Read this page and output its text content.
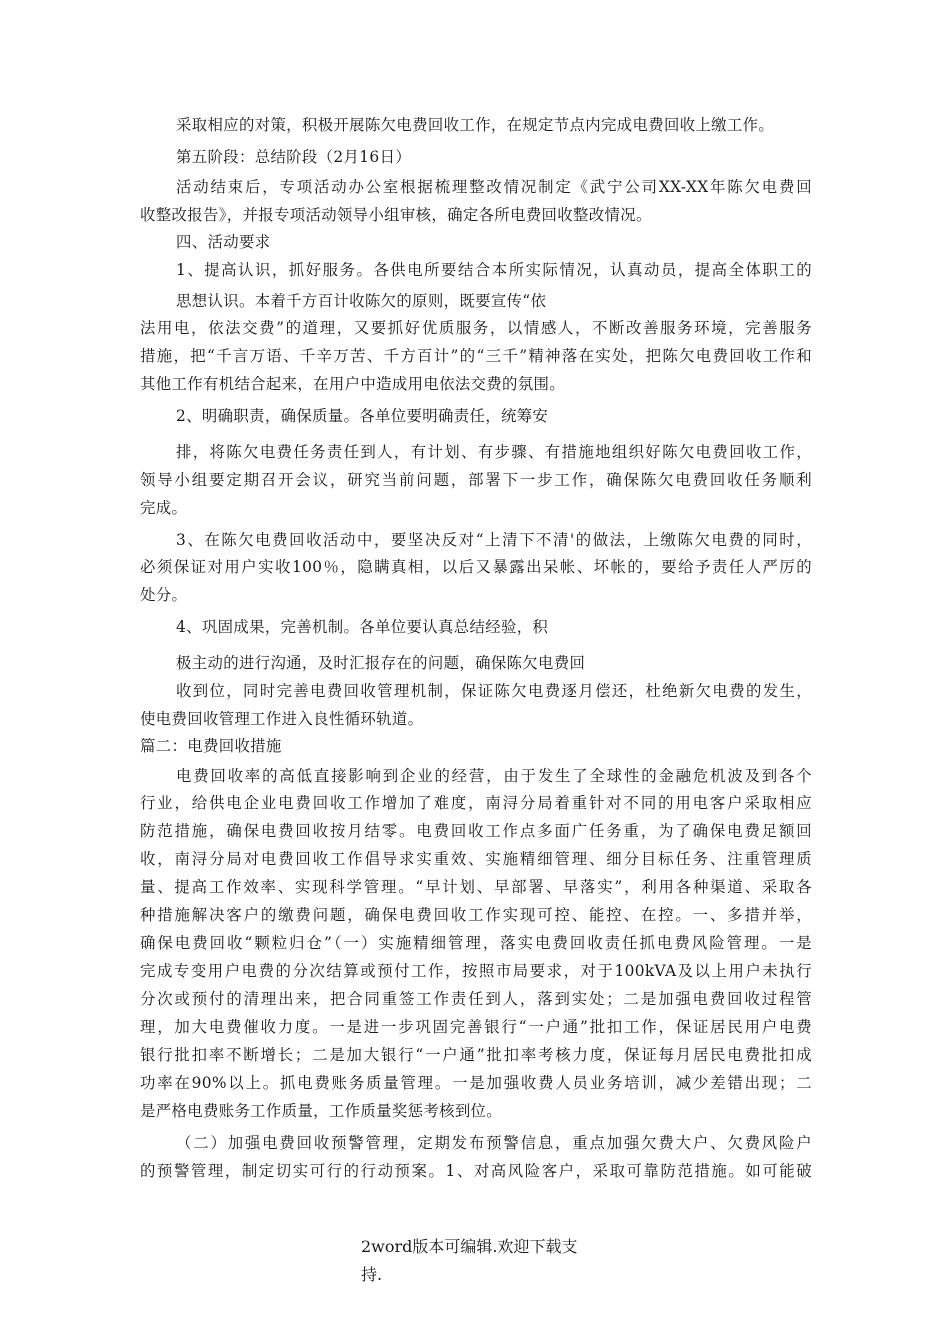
采取相应的对策，积极开展陈欠电费回收工作，在规定节点内完成电费回收上缴工作。
第五阶段：总结阶段（2月16日）
活动结束后，专项活动办公室根据梳理整改情况制定《武宁公司XX-XX年陈欠电费回
收整改报告》，并报专项活动领导小组审核，确定各所电费回收整改情况。
四、活动要求
1、提高认识，抓好服务。各供电所要结合本所实际情况，认真动员，提高全体职工的
思想认识。本着千方百计收陈欠的原则，既要宣传“依
法用电，依法交费”的道理，又要抓好优质服务，以情感人，不断改善服务环境，完善服务
措施，把“千言万语、千辛万苦、千方百计”的“三千”精神落在实处，把陈欠电费回收工作和
其他工作有机结合起来，在用户中造成用电依法交费的氛围。
2、明确职责，确保质量。各单位要明确责任，统筹安
排，将陈欠电费任务责任到人，有计划、有步骤、有措施地组织好陈欠电费回收工作，
领导小组要定期召开会议，研究当前问题，部署下一步工作，确保陈欠电费回收任务顺利
完成。
3、在陈欠电费回收活动中，要坚决反对“上清下不清'的做法，上缴陈欠电费的同时，
必须保证对用户实收100％，隐瞒真相，以后又暴露出呆帐、坏帐的，要给予责任人严厉的
处分。
4、巩固成果，完善机制。各单位要认真总结经验，积
极主动的进行沟通，及时汇报存在的问题，确保陈欠电费回
收到位，同时完善电费回收管理机制，保证陈欠电费逐月偿还，杜绝新欠电费的发生，
使电费回收管理工作进入良性循环轨道。
篇二：电费回收措施
电费回收率的高低直接影响到企业的经营，由于发生了全球性的金融危机波及到各个
行业，给供电企业电费回收工作增加了难度，南浔分局着重针对不同的用电客户采取相应
防范措施，确保电费回收按月结零。电费回收工作点多面广任务重，为了确保电费足额回
收，南浔分局对电费回收工作倡导求实重效、实施精细管理、细分目标任务、注重管理质
量、提高工作效率、实现科学管理。“早计划、早部署、早落实”，利用各种渠道、采取各
种措施解决客户的缴费问题，确保电费回收工作实现可控、能控、在控。一、多措并举，
确保电费回收“颗粒归仓”（一）实施精细管理，落实电费回收责任抓电费风险管理。一是
完成专变用户电费的分次结算或预付工作，按照市局要求，对于100kVA及以上用户未执行
分次或预付的清理出来，把合同重签工作责任到人，落到实处；二是加强电费回收过程管
理，加大电费催收力度。一是进一步巩固完善银行“一户通”批扣工作，保证居民用户电费
银行批扣率不断增长；二是加大银行“一户通”批扣率考核力度，保证每月居民电费批扣成
功率在90%以上。抓电费账务质量管理。一是加强收费人员业务培训，减少差错出现；二
是严格电费账务工作质量，工作质量奖惩考核到位。
（二）加强电费回收预警管理，定期发布预警信息，重点加强欠费大户、欠费风险户
的预警管理，制定切实可行的行动预案。1、对高风险客户，采取可靠防范措施。如可能破
2word版本可编辑.欢迎下载支
持.
